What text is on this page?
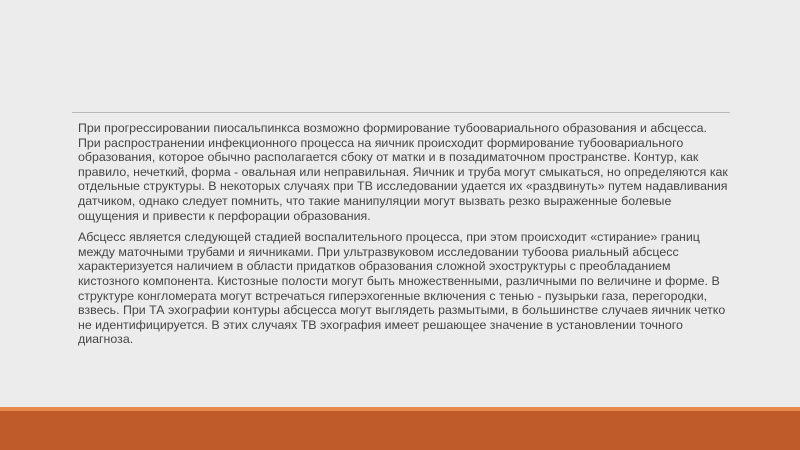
При прогрессировании пиосальпинкса возможно формирование тубоовариального образования и абсцесса. При распространении инфекционного процесса на яичник происходит формирование тубоовариального образования, которое обычно располагается сбоку от матки и в позадиматочном пространстве. Контур, как правило, нечеткий, форма - овальная или неправильная. Яичник и труба могут смыкаться, но определяются как отдельные структуры. В некоторых случаях при ТВ исследовании удается их «раздвинуть» путем надавливания датчиком, однако следует помнить, что такие манипуляции могут вызвать резко выраженные болевые ощущения и привести к перфорации образования.

Абсцесс является следующей стадией воспалительного процесса, при этом происходит «стирание» границ между маточными трубами и яичниками. При ультразвуковом исследовании тубоова риальный абсцесс характеризуется наличием в области придатков образования сложной эхоструктуры с преобладанием кистозного компонента. Кистозные полости могут быть множественными, различными по величине и форме. В структуре конгломерата могут встречаться гиперэхогенные включения с тенью - пузырьки газа, перегородки, взвесь. При ТА эхографии контуры абсцесса могут выглядеть размытыми, в большинстве случаев яичник четко не идентифицируется. В этих случаях ТВ эхография имеет решающее значение в установлении точного диагноза.
